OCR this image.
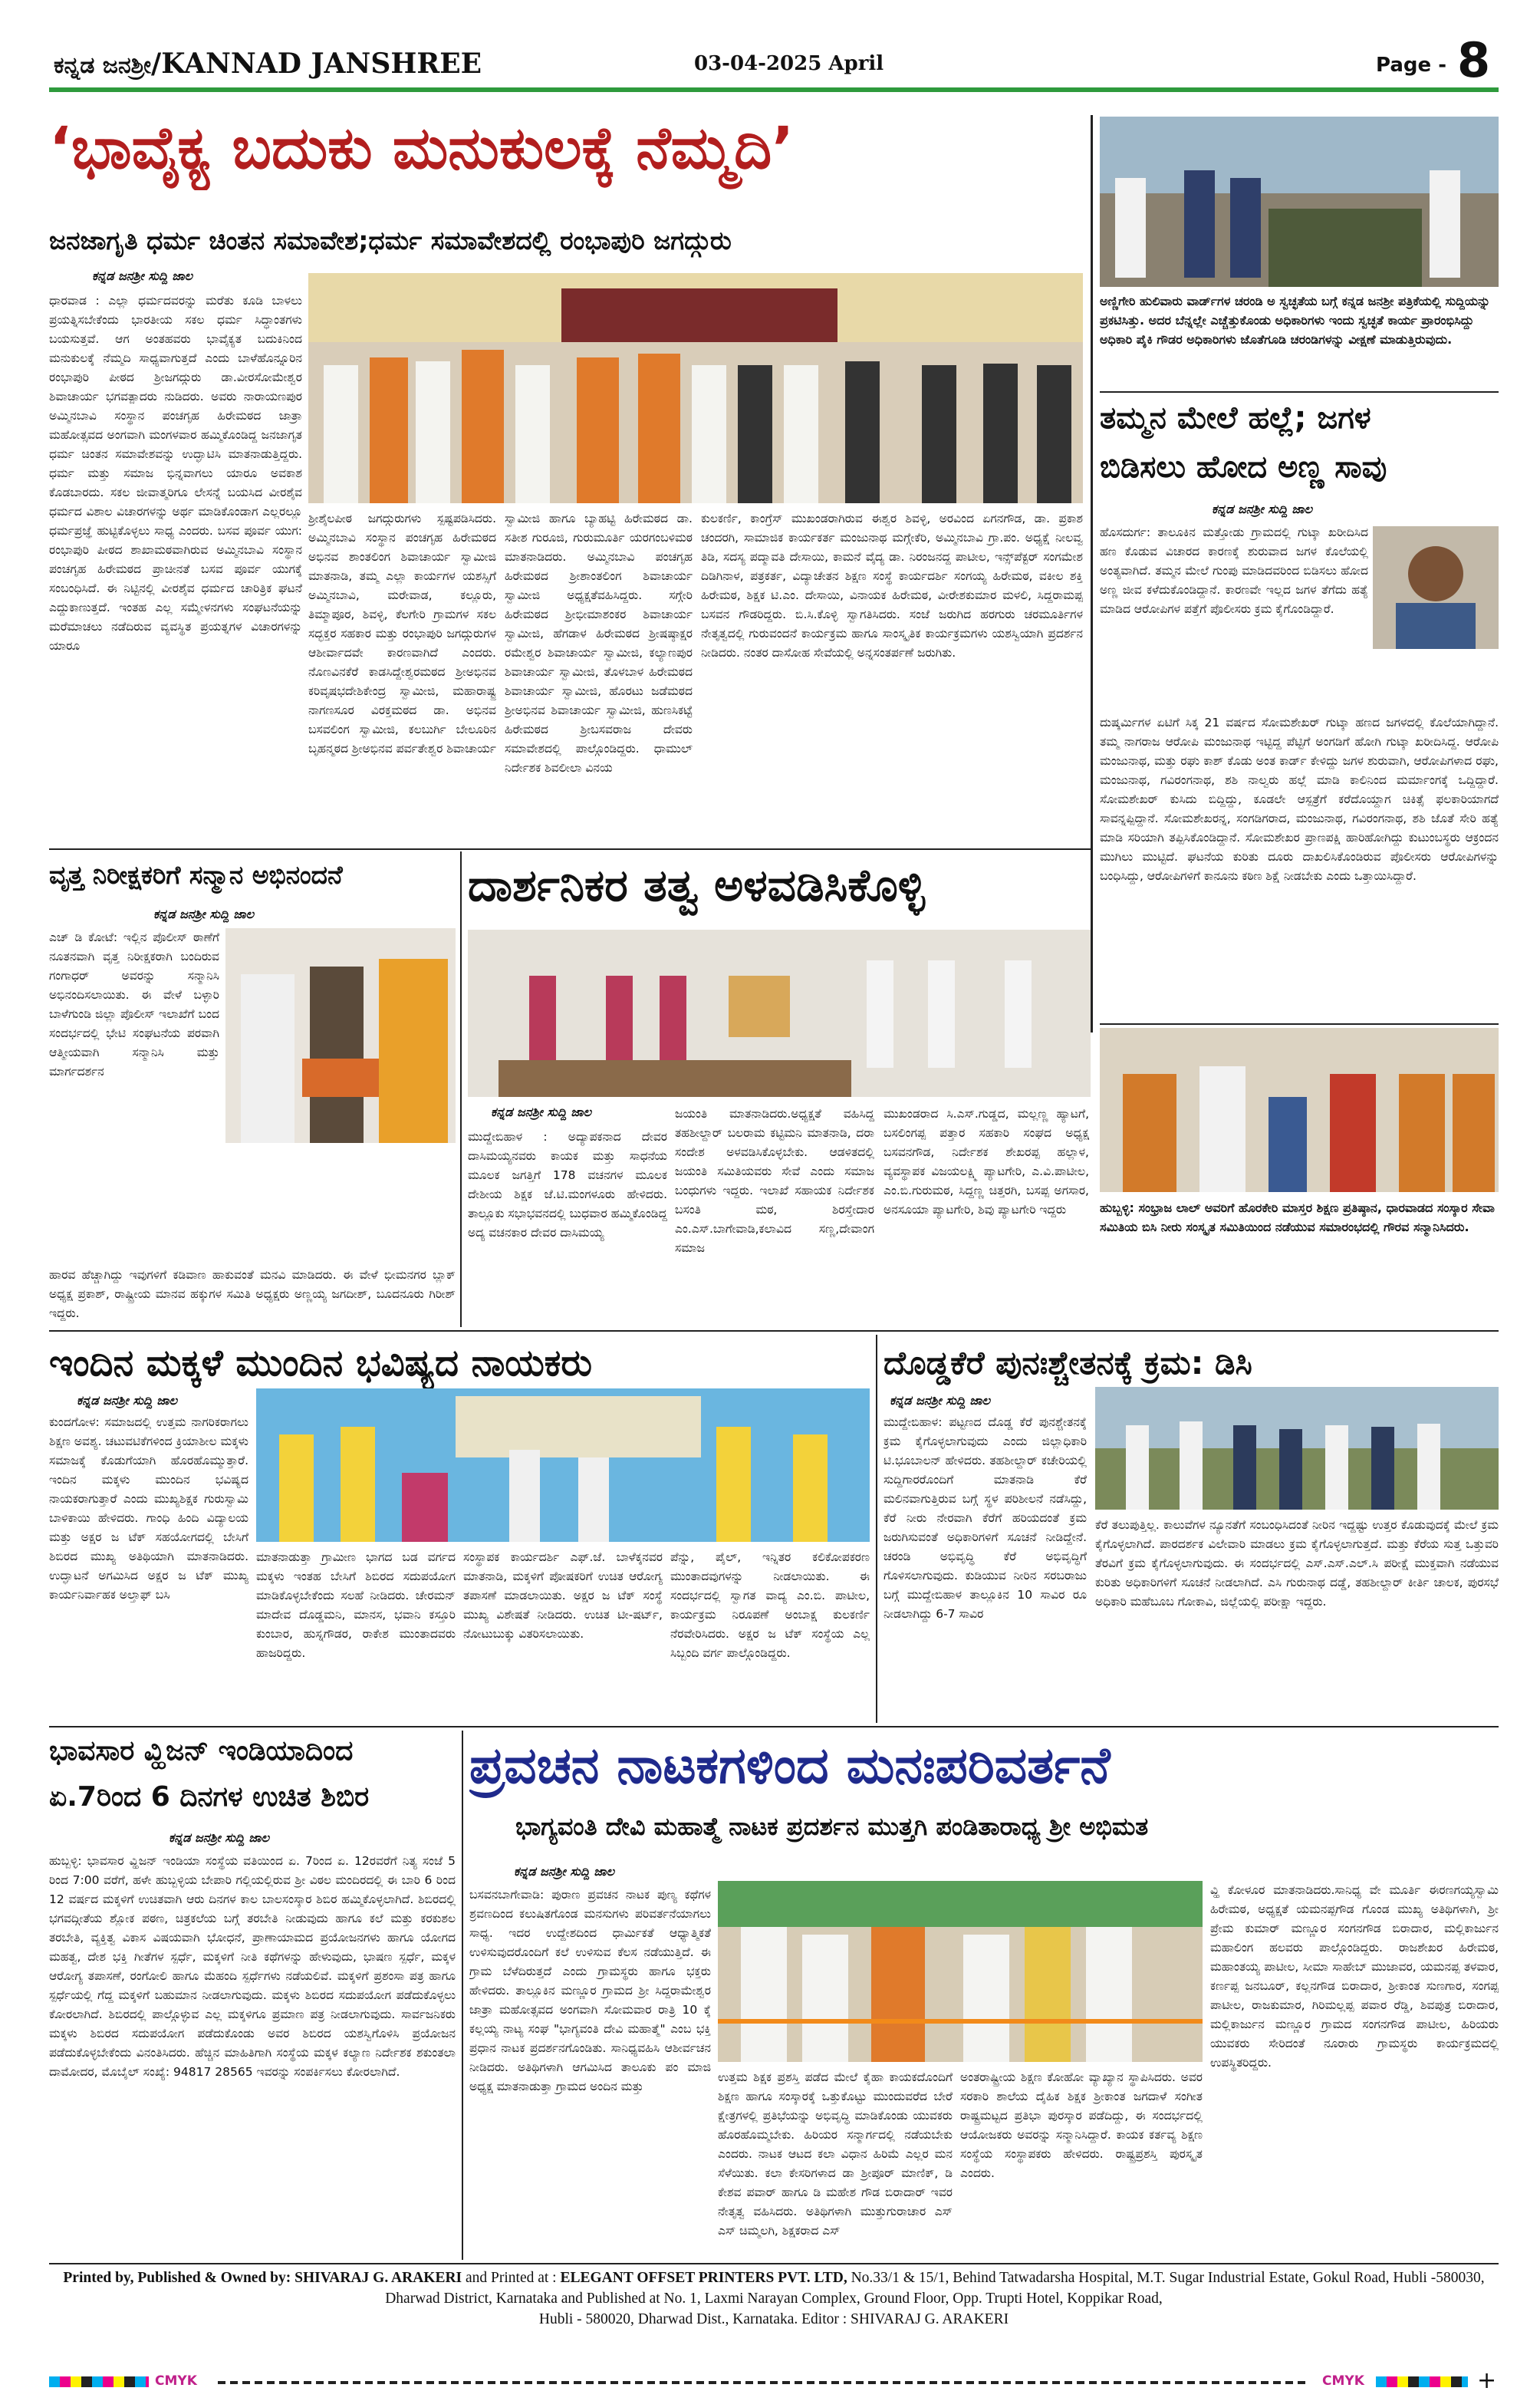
ಕನ್ನಡ ಜನಶ್ರೀ/KANNAD JANSHREE	03-04-2025 April	Page - 8
‘ಭಾವೈಕ್ಯ ಬದುಕು ಮನುಕುಲಕ್ಕೆ ನೆಮ್ಮದಿ’
ಜನಜಾಗೃತಿ ಧರ್ಮ ಚಿಂತನ ಸಮಾವೇಶ;ಧರ್ಮ ಸಮಾವೇಶದಲ್ಲಿ ರಂಭಾಪುರಿ ಜಗದ್ಗುರು
ಕನ್ನಡ ಜನಶ್ರೀ ಸುದ್ದಿ ಜಾಲ
ಧಾರವಾಡ : ಎಲ್ಲಾ ಧರ್ಮದವರನ್ನು ಮರೆತು ಕೂಡಿ ಬಾಳಲು ಪ್ರಯತ್ನಿಸಬೇಕೆಂದು ಭಾರತೀಯ ಸಕಲ ಧರ್ಮ ಸಿದ್ಧಾಂತಗಳು ಬಯಸುತ್ತವೆ. ಆಗ ಅಂತಹವರು ಭಾವೈಕ್ಯತ ಬದುಕಿನಿಂದ ಮನುಕುಲಕ್ಕೆ ನೆಮ್ಮದಿ ಸಾಧ್ಯವಾಗುತ್ತದೆ ಎಂದು ಬಾಳೆಹೊನ್ನೂರಿನ ರಂಭಾಪುರಿ ಪೀಠದ ಶ್ರೀಜಗದ್ಗುರು ಡಾ.ವೀರಸೋಮೇಶ್ವರ ಶಿವಾಚಾರ್ಯ ಭಗವತ್ಪಾದರು ನುಡಿದರು. ಅವರು ನಾರಾಯಣಪುರ ಅಮ್ಮಿನಬಾವಿ ಸಂಸ್ಥಾನ ಪಂಚಗೃಹ ಹಿರೇಮಠದ ಜಾತ್ರಾ ಮಹೋತ್ಸವದ ಅಂಗವಾಗಿ ಮಂಗಳವಾರ ಹಮ್ಮಿಕೊಂಡಿದ್ದ ಜನಜಾಗೃತ ಧರ್ಮ ಚಿಂತನ ಸಮಾವೇಶವನ್ನು ಉದ್ಘಾಟಿಸಿ ಮಾತನಾಡುತ್ತಿದ್ದರು. ಧರ್ಮ ಮತ್ತು ಸಮಾಜ ಭಿನ್ನವಾಗಲು ಯಾರೂ ಅವಕಾಶ ಕೊಡಬಾರದು. ಸಕಲ ಜೀವಾತ್ಮರಿಗೂ ಲೇಸನ್ನೆ ಬಯಸಿದ ವೀರಶೈವ ಧರ್ಮದ ವಿಶಾಲ ವಿಚಾರಗಳನ್ನು ಅರ್ಥ ಮಾಡಿಕೊಂಡಾಗ ಎಲ್ಲರಲ್ಲೂ ಧರ್ಮಪ್ರಜ್ಞೆ ಹುಟ್ಟಿಕೊಳ್ಳಲು ಸಾಧ್ಯ ಎಂದರು. ಬಸವ ಪೂರ್ವ ಯುಗ: ರಂಭಾಪುರಿ ಪೀಠದ ಶಾಖಾಮಠವಾಗಿರುವ ಅಮ್ಮಿನಬಾವಿ ಸಂಸ್ಥಾನ ಪಂಚಗೃಹ ಹಿರೇಮಠದ ಪ್ರಾಚೀನತೆ ಬಸವ ಪೂರ್ವ ಯುಗಕ್ಕೆ ಸಂಬಂಧಿಸಿದೆ. ಈ ನಿಟ್ಟಿನಲ್ಲಿ ವೀರಶೈವ ಧರ್ಮದ ಚಾರಿತ್ರಿಕ ಘಟನೆ ಎದ್ದುಕಾಣುತ್ತದೆ. ಇಂತಹ ಎಲ್ಲ ಸಮ್ಮೇಳನಗಳು ಸಂಘಟನೆಯನ್ನು ಮರೆಮಾಚಲು ನಡೆದಿರುವ ವ್ಯವಸ್ಥಿತ ಪ್ರಯತ್ನಗಳ ವಿಚಾರಗಳನ್ನು ಯಾರೂ
ಶ್ರೀಶೈಲಪೀಠ ಜಗದ್ಗುರುಗಳು ಸ್ಪಷ್ಟಪಡಿಸಿದರು. ಅಮ್ಮಿನಬಾವಿ ಸಂಸ್ಥಾನ ಪಂಚಗೃಹ ಹಿರೇಮಠದ ಅಭಿನವ ಶಾಂತಲಿಂಗ ಶಿವಾಚಾರ್ಯ ಸ್ವಾಮೀಜಿ ಮಾತನಾಡಿ, ತಮ್ಮ ಎಲ್ಲಾ ಕಾರ್ಯಗಳ ಯಶಸ್ಸಿಗೆ ಅಮ್ಮಿನಬಾವಿ, ಮರೇವಾಡ, ಕಲ್ಲೂರು, ತಿಮ್ಮಾಪೂರ, ಶಿವಳ್ಳಿ, ಕೆಲಗೇರಿ ಗ್ರಾಮಗಳ ಸಕಲ ಸದ್ಭಕ್ತರ ಸಹಕಾರ ಮತ್ತು ರಂಭಾಪುರಿ ಜಗದ್ಗುರುಗಳ ಆಶೀರ್ವಾದವೇ ಕಾರಣವಾಗಿದೆ ಎಂದರು. ನೊಣವಿನಕೆರೆ ಕಾಡಸಿದ್ದೇಶ್ವರಮಠದ ಶ್ರೀಅಭಿನವ ಕರಿವೃಷಭದೇಶಿಕೇಂದ್ರ ಸ್ವಾಮೀಜಿ, ಮಹಾರಾಷ್ಟ್ರ ನಾಗಣಸೂರ ವಿರಕ್ತಮಠದ ಡಾ. ಅಭಿನವ ಬಸವಲಿಂಗ ಸ್ವಾಮೀಜಿ, ಕಲಬುರ್ಗಿ ಬೇಲೂರಿನ ಬೃಹನ್ಮಠದ ಶ್ರೀಅಭಿನವ ಪರ್ವತೇಶ್ವರ ಶಿವಾಚಾರ್ಯ
ಸ್ವಾಮೀಜಿ ಹಾಗೂ ಬ್ಯಾಹಟ್ಟಿ ಹಿರೇಮಠದ ಡಾ. ಸತೀಶ ಗುರೂಜಿ, ಗುರುಮೂರ್ತಿ ಯರಗಂಬಳಿಮಠ ಮಾತನಾಡಿದರು. ಅಮ್ಮಿನಬಾವಿ ಪಂಚಗೃಹ ಹಿರೇಮಠದ ಶ್ರೀಶಾಂತಲಿಂಗ ಶಿವಾಚಾರ್ಯ ಸ್ವಾಮೀಜಿ ಅಧ್ಯಕ್ಷತೆವಹಿಸಿದ್ದರು. ಸಗ್ಗೇರಿ ಹಿರೇಮಠದ ಶ್ರೀಭೀಮಾಶಂಕರ ಶಿವಾಚಾರ್ಯ ಸ್ವಾಮೀಜಿ, ಹೆಗಡಾಳ ಹಿರೇಮಠದ ಶ್ರೀಷಷ್ಠಾಕ್ಷರ ರಮೇಶ್ವರ ಶಿವಾಚಾರ್ಯ ಸ್ವಾಮೀಜಿ, ಕಲ್ಯಾಣಪುರ ಶಿವಾಚಾರ್ಯ ಸ್ವಾಮೀಜಿ, ತೊಳಬಾಳ ಹಿರೇಮಠದ ಶಿವಾಚಾರ್ಯ ಸ್ವಾಮೀಜಿ, ಹೊರಟು ಜಡೆಮಠದ ಶ್ರೀಅಭಿನವ ಶಿವಾಚಾರ್ಯ ಸ್ವಾಮೀಜಿ, ಹುಣಸಿಕಟ್ಟೆ ಹಿರೇಮಠದ ಶ್ರೀಬಸವರಾಜ ದೇವರು ಸಮಾವೇಶದಲ್ಲಿ ಪಾಲ್ಗೊಂಡಿದ್ದರು. ಧಾಮುಲ್ ನಿರ್ದೇಶಕ ಶಿವಲೀಲಾ ವಿನಯ
ಕುಲಕರ್ಣಿ, ಕಾಂಗ್ರೆಸ್ ಮುಖಂಡರಾಗಿರುವ ಈಶ್ವರ ಶಿವಳ್ಳಿ, ಅರವಿಂದ ಏಗನಗೌಡ, ಡಾ. ಪ್ರಕಾಶ ಚಂದರಗಿ, ಸಾಮಾಜಿಕ ಕಾರ್ಯಕರ್ತ ಮಂಜುನಾಥ ಮಗ್ಗೇಕೆರಿ, ಅಮ್ಮಿನಬಾವಿ ಗ್ರಾ.ಪಂ. ಅಧ್ಯಕ್ಷೆ ನೀಲವ್ವ ತಿಡಿ, ಸದಸ್ಯ ಪದ್ಮಾವತಿ ದೇಸಾಯಿ, ಕಾಮನೆ ವೈದ್ಯ ಡಾ. ನಿರಂಜನದ್ದ ಪಾಟೀಲ, ಇನ್ಸ್‌ಪೆಕ್ಟರ್ ಸಂಗಮೇಶ ದಿಡಿಗಿನಾಳ, ಪತ್ರಕರ್ತ, ವಿದ್ಯಾಚೇತನ ಶಿಕ್ಷಣ ಸಂಸ್ಥೆ ಕಾರ್ಯದರ್ಶಿ ಸಂಗಯ್ಯ ಹಿರೇಮಠ, ವಕೀಲ ಶಕ್ತಿ ಹಿರೇಮಠ, ಶಿಕ್ಷಕ ಟಿ.ಎಂ. ದೇಸಾಯಿ, ವಿನಾಯಕ ಹಿರೇಮಠ, ವೀರೇಶಕುಮಾರ ಮಳಲಿ, ಸಿದ್ದರಾಮಪ್ಪ ಬಸವನ ಗೌಡರಿದ್ದರು. ಬಿ.ಸಿ.ಕೊಳ್ಳಿ ಸ್ವಾಗತಿಸಿದರು. ಸಂಜೆ ಜರುಗಿದ ಹರಗುರು ಚರಮೂರ್ತಿಗಳ ನೇತೃತ್ವದಲ್ಲಿ ಗುರುವಂದನೆ ಕಾರ್ಯಕ್ರಮ ಹಾಗೂ ಸಾಂಸ್ಕೃತಿಕ ಕಾರ್ಯಕ್ರಮಗಳು ಯಶಸ್ವಿಯಾಗಿ ಪ್ರದರ್ಶನ ನೀಡಿದರು. ನಂತರ ದಾಸೋಹ ಸೇವೆಯಲ್ಲಿ ಅನ್ನಸಂತರ್ಪಣೆ ಜರುಗಿತು.
ಅಣ್ಣಿಗೇರಿ ಹುಲಿವಾರು ವಾರ್ಡ್‌ಗಳ ಚರಂಡಿ ಅ ಸ್ವಚ್ಛತೆಯ ಬಗ್ಗೆ ಕನ್ನಡ ಜನಶ್ರೀ ಪತ್ರಿಕೆಯಲ್ಲಿ ಸುದ್ದಿಯನ್ನು ಪ್ರಕಟಿಸಿತ್ತು. ಅದರ ಬೆನ್ನಲ್ಲೇ ಎಚ್ಚೆತ್ತುಕೊಂಡು ಅಧಿಕಾರಿಗಳು ಇಂದು ಸ್ವಚ್ಛತೆ ಕಾರ್ಯ ಪ್ರಾರಂಭಿಸಿದ್ದು ಅಧಿಕಾರಿ ಪೈಕಿ ಗೌಡರ ಅಧಿಕಾರಿಗಳು ಜೊತೆಗೂಡಿ ಚರಂಡಿಗಳನ್ನು ವೀಕ್ಷಣೆ ಮಾಡುತ್ತಿರುವುದು.
ತಮ್ಮನ ಮೇಲೆ ಹಲ್ಲೆ; ಜಗಳ
ಬಿಡಿಸಲು ಹೋದ ಅಣ್ಣ ಸಾವು
ಕನ್ನಡ ಜನಶ್ರೀ ಸುದ್ದಿ ಜಾಲ
ಹೊಸದುರ್ಗ: ತಾಲೂಕಿನ ಮತ್ತೋಡು ಗ್ರಾಮದಲ್ಲಿ ಗುಟ್ಕಾ ಖರೀದಿಸಿದ ಹಣ ಕೊಡುವ ವಿಚಾರದ ಕಾರಣಕ್ಕೆ ಶುರುವಾದ ಜಗಳ ಕೊಲೆಯಲ್ಲಿ ಅಂತ್ಯವಾಗಿದೆ. ತಮ್ಮನ ಮೇಲೆ ಗುಂಪು ಮಾಡಿದವರಿಂದ ಬಿಡಿಸಲು ಹೋದ ಅಣ್ಣ ಜೀವ ಕಳೆದುಕೊಂಡಿದ್ದಾನೆ. ಕಾರಣವೇ ಇಲ್ಲದ ಜಗಳ ತೆಗೆದು ಹತ್ಯೆ ಮಾಡಿದ ಆರೋಪಿಗಳ ಪತ್ತೆಗೆ ಪೊಲೀಸರು ಕ್ರಮ ಕೈಗೊಂಡಿದ್ದಾರೆ.
ದುಷ್ಕರ್ಮಿಗಳ ಏಟಿಗೆ ಸಿಕ್ಕ 21 ವರ್ಷದ ಸೋಮಶೇಖರ್ ಗುಟ್ಕಾ ಹಣದ ಜಗಳದಲ್ಲಿ ಕೊಲೆಯಾಗಿದ್ದಾನೆ. ತಮ್ಮ ನಾಗರಾಜ ಆರೋಪಿ ಮಂಜುನಾಥ ಇಟ್ಟಿದ್ದ ಪೆಟ್ಟಿಗೆ ಅಂಗಡಿಗೆ ಹೋಗಿ ಗುಟ್ಕಾ ಖರೀದಿಸಿದ್ದ. ಆರೋಪಿ ಮಂಜುನಾಥ, ಮತ್ತು ರಘು ಕಾಶ್ ಕೊಡು ಅಂತ ಕಾರ್ಡ್ ಕೇಳಿದ್ದು ಜಗಳ ಶುರುವಾಗಿ, ಆರೋಪಿಗಳಾದ ರಘು, ಮಂಜುನಾಥ, ಗವಿರಂಗನಾಥ, ಶಶಿ ನಾಲ್ವರು ಹಲ್ಲೆ ಮಾಡಿ ಕಾಲಿನಿಂದ ಮರ್ಮಾಂಗಕ್ಕೆ ಒದ್ದಿದ್ದಾರೆ. ಸೋಮಶೇಖರ್ ಕುಸಿದು ಬಿದ್ದಿದ್ದು, ಕೂಡಲೇ ಆಸ್ಪತ್ರೆಗೆ ಕರೆದೊಯ್ದಾಗ ಚಿಕಿತ್ಸೆ ಫಲಕಾರಿಯಾಗದೆ ಸಾವನ್ನಪ್ಪಿದ್ದಾನೆ. ಸೋಮಶೇಖರನ್ನ, ಸಂಗಡಿಗರಾದ, ಮಂಜುನಾಥ, ಗವಿರಂಗನಾಥ, ಶಶಿ ಜೊತೆ ಸೇರಿ ಹತ್ಯೆ ಮಾಡಿ ಸರಿಯಾಗಿ ತಪ್ಪಿಸಿಕೊಂಡಿದ್ದಾನೆ. ಸೋಮಶೇಖರ ಪ್ರಾಣಪಕ್ಷಿ ಹಾರಿಹೋಗಿದ್ದು ಕುಟುಂಬಸ್ಥರು ಆಕ್ರಂದನ ಮುಗಿಲು ಮುಟ್ಟಿದೆ. ಘಟನೆಯ ಕುರಿತು ದೂರು ದಾಖಲಿಸಿಕೊಂಡಿರುವ ಪೊಲೀಸರು ಆರೋಪಿಗಳನ್ನು ಬಂಧಿಸಿದ್ದು, ಆರೋಪಿಗಳಿಗೆ ಕಾನೂನು ಕಠಿಣ ಶಿಕ್ಷೆ ನೀಡಬೇಕು ಎಂದು ಒತ್ತಾಯಿಸಿದ್ದಾರೆ.
ಹುಬ್ಬಳ್ಳಿ: ಸಂಭ್ರಾಜ ಲಾಲ್ ಅವರಿಗೆ ಹೊರಕೇರಿ ಮಾಸ್ತರ ಶಿಕ್ಷಣ ಪ್ರತಿಷ್ಠಾನ, ಧಾರವಾಡದ ಸಂಸ್ಕಾರ ಸೇವಾ ಸಮಿತಿಯ ಬಿಸಿ ನೀರು ಸಂಸ್ಕೃತ ಸಮಿತಿಯಿಂದ ನಡೆಯುವ ಸಮಾರಂಭದಲ್ಲಿ ಗೌರವ ಸನ್ಮಾನಿಸಿದರು.
ವೃತ್ತ ನಿರೀಕ್ಷಕರಿಗೆ ಸನ್ಮಾನ ಅಭಿನಂದನೆ
ಕನ್ನಡ ಜನಶ್ರೀ ಸುದ್ದಿ ಜಾಲ
ಎಚ್ ಡಿ ಕೋಟೆ: ಇಲ್ಲಿನ ಪೊಲೀಸ್ ಠಾಣೆಗೆ ನೂತನವಾಗಿ ವೃತ್ತ ನಿರೀಕ್ಷಕರಾಗಿ ಬಂದಿರುವ ಗಂಗಾಧರ್ ಅವರನ್ನು ಸನ್ಮಾನಿಸಿ ಅಭಿನಂದಿಸಲಾಯಿತು. ಈ ವೇಳೆ ಬಳ್ಳಾರಿ ಬಾಳೆಗುಂಡಿ ಜಿಲ್ಲಾ ಪೊಲೀಸ್ ಇಲಾಖೆಗೆ ಬಂದ ಸಂದರ್ಭದಲ್ಲಿ ಭೇಟಿ ಸಂಘಟನೆಯ ಪರವಾಗಿ ಆತ್ಮೀಯವಾಗಿ ಸನ್ಮಾನಿಸಿ ಮತ್ತು ಮಾರ್ಗದರ್ಶನ
ಹಾರವ ಹೆಚ್ಚಾಗಿದ್ದು ಇವುಗಳಿಗೆ ಕಡಿವಾಣ ಹಾಕುವಂತೆ ಮನವಿ ಮಾಡಿದರು. ಈ ವೇಳೆ ಭೀಮನಗರ ಬ್ಲಾಕ್ ಅಧ್ಯಕ್ಷ ಪ್ರಕಾಶ್, ರಾಷ್ಟ್ರೀಯ ಮಾನವ ಹಕ್ಕುಗಳ ಸಮಿತಿ ಅಧ್ಯಕ್ಷರು ಅಣ್ಣಯ್ಯ ಜಗದೀಶ್, ಬೂದನೂರು ಗಿರೀಶ್ ಇದ್ದರು.
ದಾರ್ಶನಿಕರ ತತ್ವ ಅಳವಡಿಸಿಕೊಳ್ಳಿ
ಕನ್ನಡ ಜನಶ್ರೀ ಸುದ್ದಿ ಜಾಲ
ಮುದ್ದೇಬಿಹಾಳ : ಅದ್ಯಾಪಕನಾದ ದೇವರ ದಾಸಿಮಯ್ಯನವರು ಕಾಯಕ ಮತ್ತು ಸಾಧನೆಯ ಮೂಲಕ ಜಗತ್ತಿಗೆ 178 ವಚನಗಳ ಮೂಲಕ ದೇಶೀಯ ಶಿಕ್ಷಕ ಜೆ.ಟಿ.ಮಂಗಳೂರು ಹೇಳಿದರು. ತಾಲ್ಲೂಕು ಸಭಾಭವನದಲ್ಲಿ ಬುಧವಾರ ಹಮ್ಮಿಕೊಂಡಿದ್ದ ಅದ್ಯ ವಚನಕಾರ ದೇವರ ದಾಸಿಮಯ್ಯ
ಜಯಂತಿ ಮಾತನಾಡಿದರು.ಅಧ್ಯಕ್ಷತೆ ವಹಿಸಿದ್ದ ತಹಶೀಲ್ದಾರ್ ಬಲರಾಮ ಕಟ್ಟಿಮನಿ ಮಾತನಾಡಿ, ದರಾ ಸಂದೇಶ ಅಳವಡಿಸಿಕೊಳ್ಳಬೇಕು. ಆಡಳಿತದಲ್ಲಿ ಜಯಂತಿ ಸಮಿತಿಯವರು ಸೇವೆ ಎಂದು ಸಮಾಜ ಬಂಧುಗಳು ಇದ್ದರು. ಇಲಾಖೆ ಸಹಾಯಕ ನಿರ್ದೇಶಕ ಬಸಂತಿ ಮಠ, ಶಿರಸ್ತೇದಾರ ಎಂ.ಎಸ್.ಬಾಗೇವಾಡಿ,ಕಲಾವಿದ ಸಣ್ಣ,ದೇವಾಂಗ ಸಮಾಜ
ಮುಖಂಡರಾದ ಸಿ.ಎಸ್.ಗುಡ್ಡದ, ಮಲ್ಲಣ್ಣ ಹ್ಯಾಟಗೆ, ಬಸಲಿಂಗಪ್ಪ ಪತ್ತಾರ ಸಹಕಾರಿ ಸಂಘದ ಅಧ್ಯಕ್ಷ ಬಸವನಗೌಡ, ನಿರ್ದೇಶಕ ಶೇಖರಪ್ಪ ಹಲ್ಲಾಳ, ವ್ಯವಸ್ಥಾಪಕ ವಿಜಯಲಕ್ಷ್ಮಿ ಪ್ಯಾಟಗೇರಿ, ಎ.ವಿ.ಪಾಟೀಲ, ಎಂ.ಬಿ.ಗುರುಮಠ, ಸಿದ್ದಣ್ಣ ಚಿತ್ತರಗಿ, ಬಸಪ್ಪ ಅಗಸಾರ, ಅನಸೂಯಾ ಪ್ಯಾಟಗೇರಿ, ಶಿವು ಪ್ಯಾಟಗೇರಿ ಇದ್ದರು
ಇಂದಿನ ಮಕ್ಕಳೆ ಮುಂದಿನ ಭವಿಷ್ಯದ ನಾಯಕರು
ಕನ್ನಡ ಜನಶ್ರೀ ಸುದ್ದಿ ಜಾಲ
ಕುಂದಗೋಳ: ಸಮಾಜದಲ್ಲಿ ಉತ್ತಮ ನಾಗರಿಕರಾಗಲು ಶಿಕ್ಷಣ ಅವಶ್ಯ. ಚಟುವಟಿಕೆಗಳಿಂದ ಕ್ರಿಯಾಶೀಲ ಮಕ್ಕಳು ಸಮಾಜಕ್ಕೆ ಕೊಡುಗೆಯಾಗಿ ಹೊರಹೊಮ್ಮುತ್ತಾರೆ. ಇಂದಿನ ಮಕ್ಕಳು ಮುಂದಿನ ಭವಿಷ್ಯದ ನಾಯಕರಾಗುತ್ತಾರೆ ಎಂದು ಮುಖ್ಯಶಿಕ್ಷಕ ಗುರುಸ್ವಾಮಿ ಬಾಳಿಕಾಯಿ ಹೇಳಿದರು. ಗಾಂಧಿ ಹಿಂದಿ ವಿದ್ಯಾಲಯ ಮತ್ತು ಅಕ್ಷರ ಜ ಟೆಕ್ ಸಹಯೋಗದಲ್ಲಿ ಬೇಸಿಗೆ ಶಿಬಿರದ ಮುಖ್ಯ ಅತಿಥಿಯಾಗಿ ಮಾತನಾಡಿದರು. ಉದ್ಘಾಟನೆ ಅಗಮಿಸಿದ ಅಕ್ಷರ ಜ ಟೆಕ್ ಮುಖ್ಯ ಕಾರ್ಯನಿರ್ವಾಹಕ ಅಲ್ತಾಫ್ ಬಸಿ
ಮಾತನಾಡುತ್ತಾ ಗ್ರಾಮೀಣ ಭಾಗದ ಬಡ ವರ್ಗದ ಮಕ್ಕಳು ಇಂತಹ ಬೇಸಿಗೆ ಶಿಬಿರದ ಸದುಪಯೋಗ ಮಾಡಿಕೊಳ್ಳಬೇಕೆಂದು ಸಲಹೆ ನೀಡಿದರು. ಚೇರಮನ್ ಮಾದೇವ ದೊಡ್ಡಮನಿ, ಮಾನಸ, ಭವಾನಿ ಕಸ್ತೂರಿ ಕುಂಬಾರ, ಹುಸ್ನಗೌಡರ, ರಾಕೇಶ ಮುಂತಾದವರು ಹಾಜರಿದ್ದರು.
ಸಂಸ್ಥಾಪಕ ಕಾರ್ಯದರ್ಶಿ ಎಫ್.ಜೆ. ಬಾಳೆಕ್ಕನವರ ಮಾತನಾಡಿ, ಮಕ್ಕಳಿಗೆ ಪೋಷಕರಿಗೆ ಉಚಿತ ಆರೋಗ್ಯ ತಪಾಸಣೆ ಮಾಡಲಾಯಿತು. ಅಕ್ಷರ ಜ ಟೆಕ್ ಸಂಸ್ಥೆ ಮುಖ್ಯ ವಿಶೇಷತೆ ನೀಡಿದರು. ಉಚಿತ ಟೀ-ಷರ್ಟ್, ನೋಟುಬುಕ್ಕು ವಿತರಿಸಲಾಯಿತು.
ಪೆನ್ನು, ಪೈಲ್, ಇನ್ನಿತರ ಕಲಿಕೋಪಕರಣ ಮುಂತಾದವುಗಳನ್ನು ನೀಡಲಾಯಿತು. ಈ ಸಂದರ್ಭದಲ್ಲಿ ಸ್ವಾಗತ ವಾದ್ಯ ಎಂ.ಬಿ. ಪಾಟೀಲ, ಕಾರ್ಯಕ್ರಮ ನಿರೂಪಣೆ ಅಂಬಾಕ್ಷ ಕುಲಕರ್ಣಿ ನೆರವೇರಿಸಿದರು. ಅಕ್ಷರ ಜ ಟೆಕ್ ಸಂಸ್ಥೆಯ ಎಲ್ಲ ಸಿಬ್ಬಂದಿ ವರ್ಗ ಪಾಲ್ಗೊಂಡಿದ್ದರು.
ದೊಡ್ಡಕೆರೆ ಪುನಃಶ್ಚೇತನಕ್ಕೆ ಕ್ರಮ: ಡಿಸಿ
ಕನ್ನಡ ಜನಶ್ರೀ ಸುದ್ದಿ ಜಾಲ
ಮುದ್ದೇಬಿಹಾಳ: ಪಟ್ಟಣದ ದೊಡ್ಡ ಕೆರೆ ಪುನಶ್ಚೇತನಕ್ಕೆ ಕ್ರಮ ಕೈಗೊಳ್ಳಲಾಗುವುದು ಎಂದು ಜಿಲ್ಲಾಧಿಕಾರಿ ಟಿ.ಭೂಬಾಲನ್ ಹೇಳಿದರು. ತಹಶೀಲ್ದಾರ್ ಕಚೇರಿಯಲ್ಲಿ ಸುದ್ದಿಗಾರರೊಂದಿಗೆ ಮಾತನಾಡಿ ಕೆರೆ ಮಲಿನವಾಗುತ್ತಿರುವ ಬಗ್ಗೆ ಸ್ಥಳ ಪರಿಶೀಲನೆ ನಡೆಸಿದ್ದು, ಕೆರೆ ನೀರು ನೇರವಾಗಿ ಕೆರೆಗೆ ಹರಿಯದಂತೆ ಕ್ರಮ ಜರುಗಿಸುವಂತೆ ಅಧಿಕಾರಿಗಳಿಗೆ ಸೂಚನೆ ನೀಡಿದ್ದೇನೆ. ಚರಂಡಿ ಅಭಿವೃದ್ಧಿ ಕೆರೆ ಅಭಿವೃದ್ಧಿಗೆ ಗೊಳಿಸಲಾಗುವುದು. ಕುಡಿಯುವ ನೀರಿನ ಸರಬರಾಜು ಬಗ್ಗೆ ಮುದ್ದೇಬಿಹಾಳ ತಾಲ್ಲೂಕಿನ 10 ಸಾವಿರ ರೂ ನೀಡಲಾಗಿದ್ದು 6-7 ಸಾವಿರ
ಕೆರೆ ತಲುಪುತ್ತಿಲ್ಲ. ಕಾಲುವೆಗಳ ನ್ಯೂನತೆಗೆ ಸಂಬಂಧಿಸಿದಂತೆ ನೀರಿನ ಇದ್ದಷ್ಟು ಉತ್ತರ ಕೊಡುವುದಕ್ಕೆ ಮೇಲೆ ಕ್ರಮ ಕೈಗೊಳ್ಳಲಾಗಿದೆ. ಪಾರದರ್ಶಕ ವಿಲೇವಾರಿ ಮಾಡಲು ಕ್ರಮ ಕೈಗೊಳ್ಳಲಾಗುತ್ತದೆ. ಮತ್ತು ಕೆರೆಯ ಸುತ್ತ ಒತ್ತುವರಿ ತೆರವಿಗೆ ಕ್ರಮ ಕೈಗೊಳ್ಳಲಾಗುವುದು. ಈ ಸಂದರ್ಭದಲ್ಲಿ ಎಸ್.ಎಸ್.ಎಲ್.ಸಿ ಪರೀಕ್ಷೆ ಮುಕ್ತವಾಗಿ ನಡೆಯುವ ಕುರಿತು ಅಧಿಕಾರಿಗಳಿಗೆ ಸೂಚನೆ ನೀಡಲಾಗಿದೆ. ಎಸಿ ಗುರುನಾಥ ದಡ್ಡೆ, ತಹಶೀಲ್ದಾರ್ ಕೀರ್ತಿ ಚಾಲಕ, ಪುರಸಭೆ ಅಧಿಕಾರಿ ಮಹೆಬೂಬ ಗೋಕಾವಿ, ಜಿಲ್ಲೆಯಲ್ಲಿ ಪರೀಕ್ಷಾ ಇದ್ದರು.
ಭಾವಸಾರ ವ್ಹಿಜನ್ ಇಂಡಿಯಾದಿಂದ
ಏ.7ರಿಂದ 6 ದಿನಗಳ ಉಚಿತ ಶಿಬಿರ
ಕನ್ನಡ ಜನಶ್ರೀ ಸುದ್ದಿ ಜಾಲ
ಹುಬ್ಬಳ್ಳಿ: ಭಾವಸಾರ ವ್ಹಿಜನ್ ಇಂಡಿಯಾ ಸಂಸ್ಥೆಯ ವತಿಯಿಂದ ಏ. 7ರಿಂದ ಏ. 12ರವರೆಗೆ ನಿತ್ಯ ಸಂಜೆ 5 ರಿಂದ 7:00 ವರೆಗೆ, ಹಳೇ ಹುಬ್ಬಳ್ಳಿಯ ಬೇಪಾರಿ ಗಲ್ಲಿಯಲ್ಲಿರುವ ಶ್ರೀ ವಿಠಲ ಮಂದಿರದಲ್ಲಿ ಈ ಬಾರಿ 6 ರಿಂದ 12 ವರ್ಷದ ಮಕ್ಕಳಿಗೆ ಉಚಿತವಾಗಿ ಆರು ದಿನಗಳ ಕಾಲ ಬಾಲಸಂಸ್ಕಾರ ಶಿಬಿರ ಹಮ್ಮಿಕೊಳ್ಳಲಾಗಿದೆ. ಶಿಬಿರದಲ್ಲಿ ಭಗವದ್ಗೀತೆಯ ಶ್ಲೋಕ ಪಠಣ, ಚಿತ್ರಕಲೆಯ ಬಗ್ಗೆ ತರಬೇತಿ ನೀಡುವುದು ಹಾಗೂ ಕಲೆ ಮತ್ತು ಕರಕುಶಲ ತರಬೇತಿ, ವ್ಯಕ್ತಿತ್ವ ವಿಕಾಸ ವಿಷಯವಾಗಿ ಭೋಧನೆ, ಪ್ರಾಣಾಯಾಮದ ಪ್ರಯೋಜನಗಳು ಹಾಗೂ ಯೋಗದ ಮಹತ್ವ, ದೇಶ ಭಕ್ತಿ ಗೀತೆಗಳ ಸ್ಪರ್ಧೆ, ಮಕ್ಕಳಿಗೆ ನೀತಿ ಕಥೆಗಳನ್ನು ಹೇಳುವುದು, ಭಾಷಣ ಸ್ಪರ್ಧೆ, ಮಕ್ಕಳ ಆರೋಗ್ಯ ತಪಾಸಣೆ, ರಂಗೋಲಿ ಹಾಗೂ ಮೆಹಂದಿ ಸ್ಪರ್ಧೆಗಳು ನಡೆಯಲಿವೆ. ಮಕ್ಕಳಿಗೆ ಪ್ರಶಂಸಾ ಪತ್ರ ಹಾಗೂ ಸ್ಪರ್ಧೆಯಲ್ಲಿ ಗೆದ್ದ ಮಕ್ಕಳಿಗೆ ಬಹುಮಾನ ನೀಡಲಾಗುವುದು. ಮಕ್ಕಳು ಶಿಬಿರದ ಸದುಪಯೋಗ ಪಡೆದುಕೊಳ್ಳಲು ಕೋರಲಾಗಿದೆ. ಶಿಬಿರದಲ್ಲಿ ಪಾಲ್ಗೊಳ್ಳುವ ಎಲ್ಲ ಮಕ್ಕಳಿಗೂ ಪ್ರಮಾಣ ಪತ್ರ ನೀಡಲಾಗುವುದು. ಸಾರ್ವಜನಿಕರು ಮಕ್ಕಳು ಶಿಬಿರದ ಸದುಪಯೋಗ ಪಡೆದುಕೊಂಡು ಅವರ ಶಿಬಿರದ ಯಶಸ್ವಿಗೊಳಿಸಿ ಪ್ರಯೋಜನ ಪಡೆದುಕೊಳ್ಳಬೇಕೆಂದು ವಿನಂತಿಸಿದರು. ಹೆಚ್ಚಿನ ಮಾಹಿತಿಗಾಗಿ ಸಂಸ್ಥೆಯ ಮಕ್ಕಳ ಕಲ್ಯಾಣ ನಿರ್ದೇಶಕ ಶಕುಂತಲಾ ದಾಮೋದರ, ಮೊಬೈಲ್ ಸಂಖ್ಯೆ: 94817 28565 ಇವರನ್ನು ಸಂಪರ್ಕಿಸಲು ಕೋರಲಾಗಿದೆ.
ಪ್ರವಚನ ನಾಟಕಗಳಿಂದ ಮನಃಪರಿವರ್ತನೆ
ಭಾಗ್ಯವಂತಿ ದೇವಿ ಮಹಾತ್ಮೆ ನಾಟಕ ಪ್ರದರ್ಶನ ಮುತ್ತಗಿ ಪಂಡಿತಾರಾಧ್ಯ ಶ್ರೀ ಅಭಿಮತ
ಕನ್ನಡ ಜನಶ್ರೀ ಸುದ್ದಿ ಜಾಲ
ಬಸವನಬಾಗೇವಾಡಿ: ಪುರಾಣ ಪ್ರವಚನ ನಾಟಕ ಪುಣ್ಯ ಕಥೆಗಳ ಶ್ರವಣದಿಂದ ಕಲುಷಿತಗೊಂಡ ಮನಸುಗಳು ಪರಿವರ್ತನೆಯಾಗಲು ಸಾಧ್ಯ. ಇದರ ಉದ್ದೇಶದಿಂದ ಧಾರ್ಮಿಕತೆ ಆಧ್ಯಾತ್ಮಿಕತೆ ಉಳಿಸುವುದರೊಂದಿಗೆ ಕಲೆ ಉಳಿಸುವ ಕೆಲಸ ನಡೆಯುತ್ತಿದೆ. ಈ ಗ್ರಾಮ ಬೆಳೆದಿರುತ್ತದೆ ಎಂದು ಗ್ರಾಮಸ್ಥರು ಹಾಗೂ ಭಕ್ತರು ಹೇಳಿದರು. ತಾಲ್ಲೂಕಿನ ಮಣ್ಣೂರ ಗ್ರಾಮದ ಶ್ರೀ ಸಿದ್ದರಾಮೇಶ್ವರ ಜಾತ್ರಾ ಮಹೋತ್ಸವದ ಅಂಗವಾಗಿ ಸೋಮವಾರ ರಾತ್ರಿ 10 ಕ್ಕೆ ಕಲ್ಲಯ್ಯ ನಾಟ್ಯ ಸಂಘ "ಭಾಗ್ಯವಂತಿ ದೇವಿ ಮಹಾತ್ಮೆ" ಎಂಬ ಭಕ್ತಿ ಪ್ರಧಾನ ನಾಟಕ ಪ್ರದರ್ಶನಗೊಂಡಿತು. ಸಾನಿಧ್ಯವಹಿಸಿ ಆಶೀರ್ವಚನ ನೀಡಿದರು. ಅತಿಥಿಗಳಾಗಿ ಆಗಮಿಸಿದ ತಾಲೂಕು ಪಂ ಮಾಜಿ ಅಧ್ಯಕ್ಷ ಮಾತನಾಡುತ್ತಾ ಗ್ರಾಮದ ಅಂದಿನ ಮತ್ತು
ಉತ್ತಮ ಶಿಕ್ಷಕ ಪ್ರಶಸ್ತಿ ಪಡೆದ ಮೇಲೆ ಕೈಹಾ ಕಾಯಕದೊಂದಿಗೆ ಶಿಕ್ಷಣ ಹಾಗೂ ಸಂಸ್ಕಾರಕ್ಕೆ ಒತ್ತುಕೊಟ್ಟು ಮುಂದುವರೆದ ಬೇರೆ ಕ್ಷೇತ್ರಗಳಲ್ಲಿ ಪ್ರತಿಭೆಯನ್ನು ಅಭಿವೃದ್ಧಿ ಮಾಡಿಕೊಂಡು ಯುವಕರು ಹೊರಹೊಮ್ಮಬೇಕು. ಹಿರಿಯರ ಸನ್ಮಾರ್ಗದಲ್ಲಿ ನಡೆಯಬೇಕು ಎಂದರು. ನಾಟಕ ಆಟದ ಕಲಾ ವಿಧಾನ ಹಿರಿಮೆ ಎಲ್ಲರ ಮನ ಸೆಳೆಯಿತು. ಕಲಾ ಕೇಸರಿಗಳಾದ ಡಾ ಶ್ರೀಪೂರ್ ಮಾಣಿಕ್, ಡಿ ಕೇಶವ ಪವಾರ್ ಹಾಗೂ ಡಿ ಮಹೇಶ ಗೌಡ ಬಿರಾದಾರ್ ಇವರ ನೇತೃತ್ವ ವಹಿಸಿದರು. ಅತಿಥಿಗಳಾಗಿ ಮುತ್ತುಗುರಾಚಾರ ಎಸ್ ಎಸ್ ಚಿಮ್ಮಲಗಿ, ಶಿಕ್ಷಕರಾದ ಎಸ್
ಅಂತರಾಷ್ಟ್ರೀಯ ಶಿಕ್ಷಣ ಕೋಹೋ ವ್ಯಾಖ್ಯಾನ ಸ್ಥಾಪಿಸಿದರು. ಅವರ ಸರಕಾರಿ ಶಾಲೆಯ ದೈಹಿಕ ಶಿಕ್ಷಕ ಶ್ರೀಕಾಂತ ಜಗದಾಳೆ ಸಂಗೀತ ರಾಷ್ಟ್ರಮಟ್ಟದ ಪ್ರತಿಭಾ ಪುರಸ್ಕಾರ ಪಡೆದಿದ್ದು, ಈ ಸಂದರ್ಭದಲ್ಲಿ ಆಯೋಜಕರು ಅವರನ್ನು ಸನ್ಮಾನಿಸಿದ್ದಾರೆ. ಕಾಯಕ ಕರ್ತವ್ಯ ಶಿಕ್ಷಣ ಸಂಸ್ಥೆಯ ಸಂಸ್ಥಾಪಕರು ಹೇಳಿದರು. ರಾಷ್ಟ್ರಪ್ರಶಸ್ತಿ ಪುರಸ್ಕೃತ ಎಂದರು.
ವ್ಹಿ ಕೋಳೂರ ಮಾತನಾಡಿದರು.ಸಾನಿಧ್ಯ ವೇ ಮೂರ್ತಿ ಈರಣಗಯ್ಯಸ್ವಾಮಿ ಹಿರೇಮಠ, ಅಧ್ಯಕ್ಷತೆ ಯಮನಪ್ಪಗೌಡ ಗೊಂಡ ಮುಖ್ಯ ಅತಿಥಿಗಳಾಗಿ, ಶ್ರೀ ಪ್ರೇಮ ಕುಮಾರ್ ಮಣ್ಣೂರ ಸಂಗನಗೌಡ ಬಿರಾದಾರ, ಮಲ್ಲಿಕಾರ್ಜುನ ಮಹಾಲಿಂಗ ಹಲವರು ಪಾಲ್ಗೊಂಡಿದ್ದರು. ರಾಜಶೇಖರ ಹಿರೇಮಠ, ಮಹಾಂತಯ್ಯ ಪಾಟೀಲ, ಸೀಮಾ ಸಾಹೇಬ್ ಮುಜಾವರ, ಯಮನಪ್ಪ ತಳವಾರ, ಕರ್ಣಪ್ಪ ಜನಬೂರ್, ಕಲ್ಲನಗೌಡ ಬಿರಾದಾರ, ಶ್ರೀಕಾಂತ ಸುಣಗಾರ, ಸಂಗಪ್ಪ ಪಾಟೀಲ, ರಾಜಕುಮಾರ, ಗಿರಿಮಲ್ಲಪ್ಪ ಪವಾರ ರೆಡ್ಡಿ, ಶಿವಪುತ್ರ ಬಿರಾದಾರ, ಮಲ್ಲಿಕಾರ್ಜುನ ಮಣ್ಣೂರ ಗ್ರಾಮದ ಸಂಗನಗೌಡ ಪಾಟೀಲ, ಹಿರಿಯರು ಯುವಕರು ಸೇರಿದಂತೆ ನೂರಾರು ಗ್ರಾಮಸ್ಥರು ಕಾರ್ಯಕ್ರಮದಲ್ಲಿ ಉಪಸ್ಥಿತರಿದ್ದರು.
Printed by, Published & Owned by: SHIVARAJ G. ARAKERI and Printed at : ELEGANT OFFSET PRINTERS PVT. LTD, No.33/1 & 15/1, Behind Tatwadarsha Hospital, M.T. Sugar Industrial Estate, Gokul Road, Hubli -580030, Dharwad District, Karnataka and Published at No. 1, Laxmi Narayan Complex, Ground Floor, Opp. Trupti Hotel, Koppikar Road,
Hubli - 580020, Dharwad Dist., Karnataka. Editor : SHIVARAJ G. ARAKERI
CMYK	CMYK	+
